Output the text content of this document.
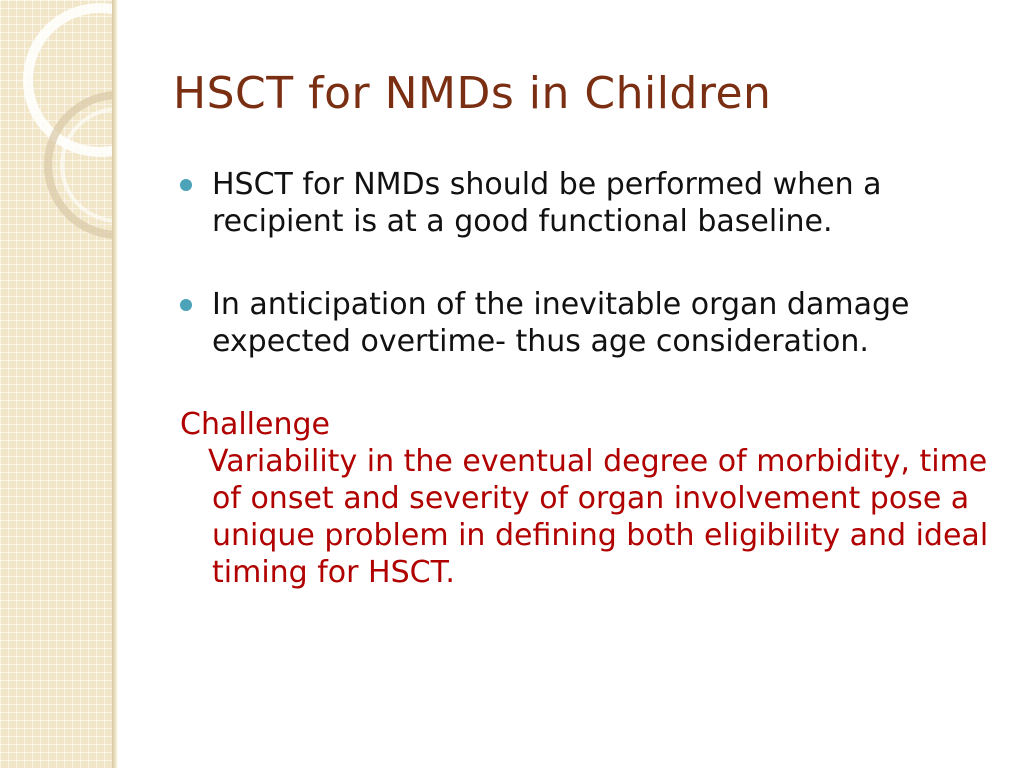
HSCT for NMDs in Children
HSCT for NMDs should be performed when a recipient is at a good functional baseline.
In anticipation of the inevitable organ damage expected overtime- thus age consideration.
Challenge
Variability in the eventual degree of morbidity, time of onset and severity of organ involvement pose a unique problem in defining both eligibility and ideal timing for HSCT.
